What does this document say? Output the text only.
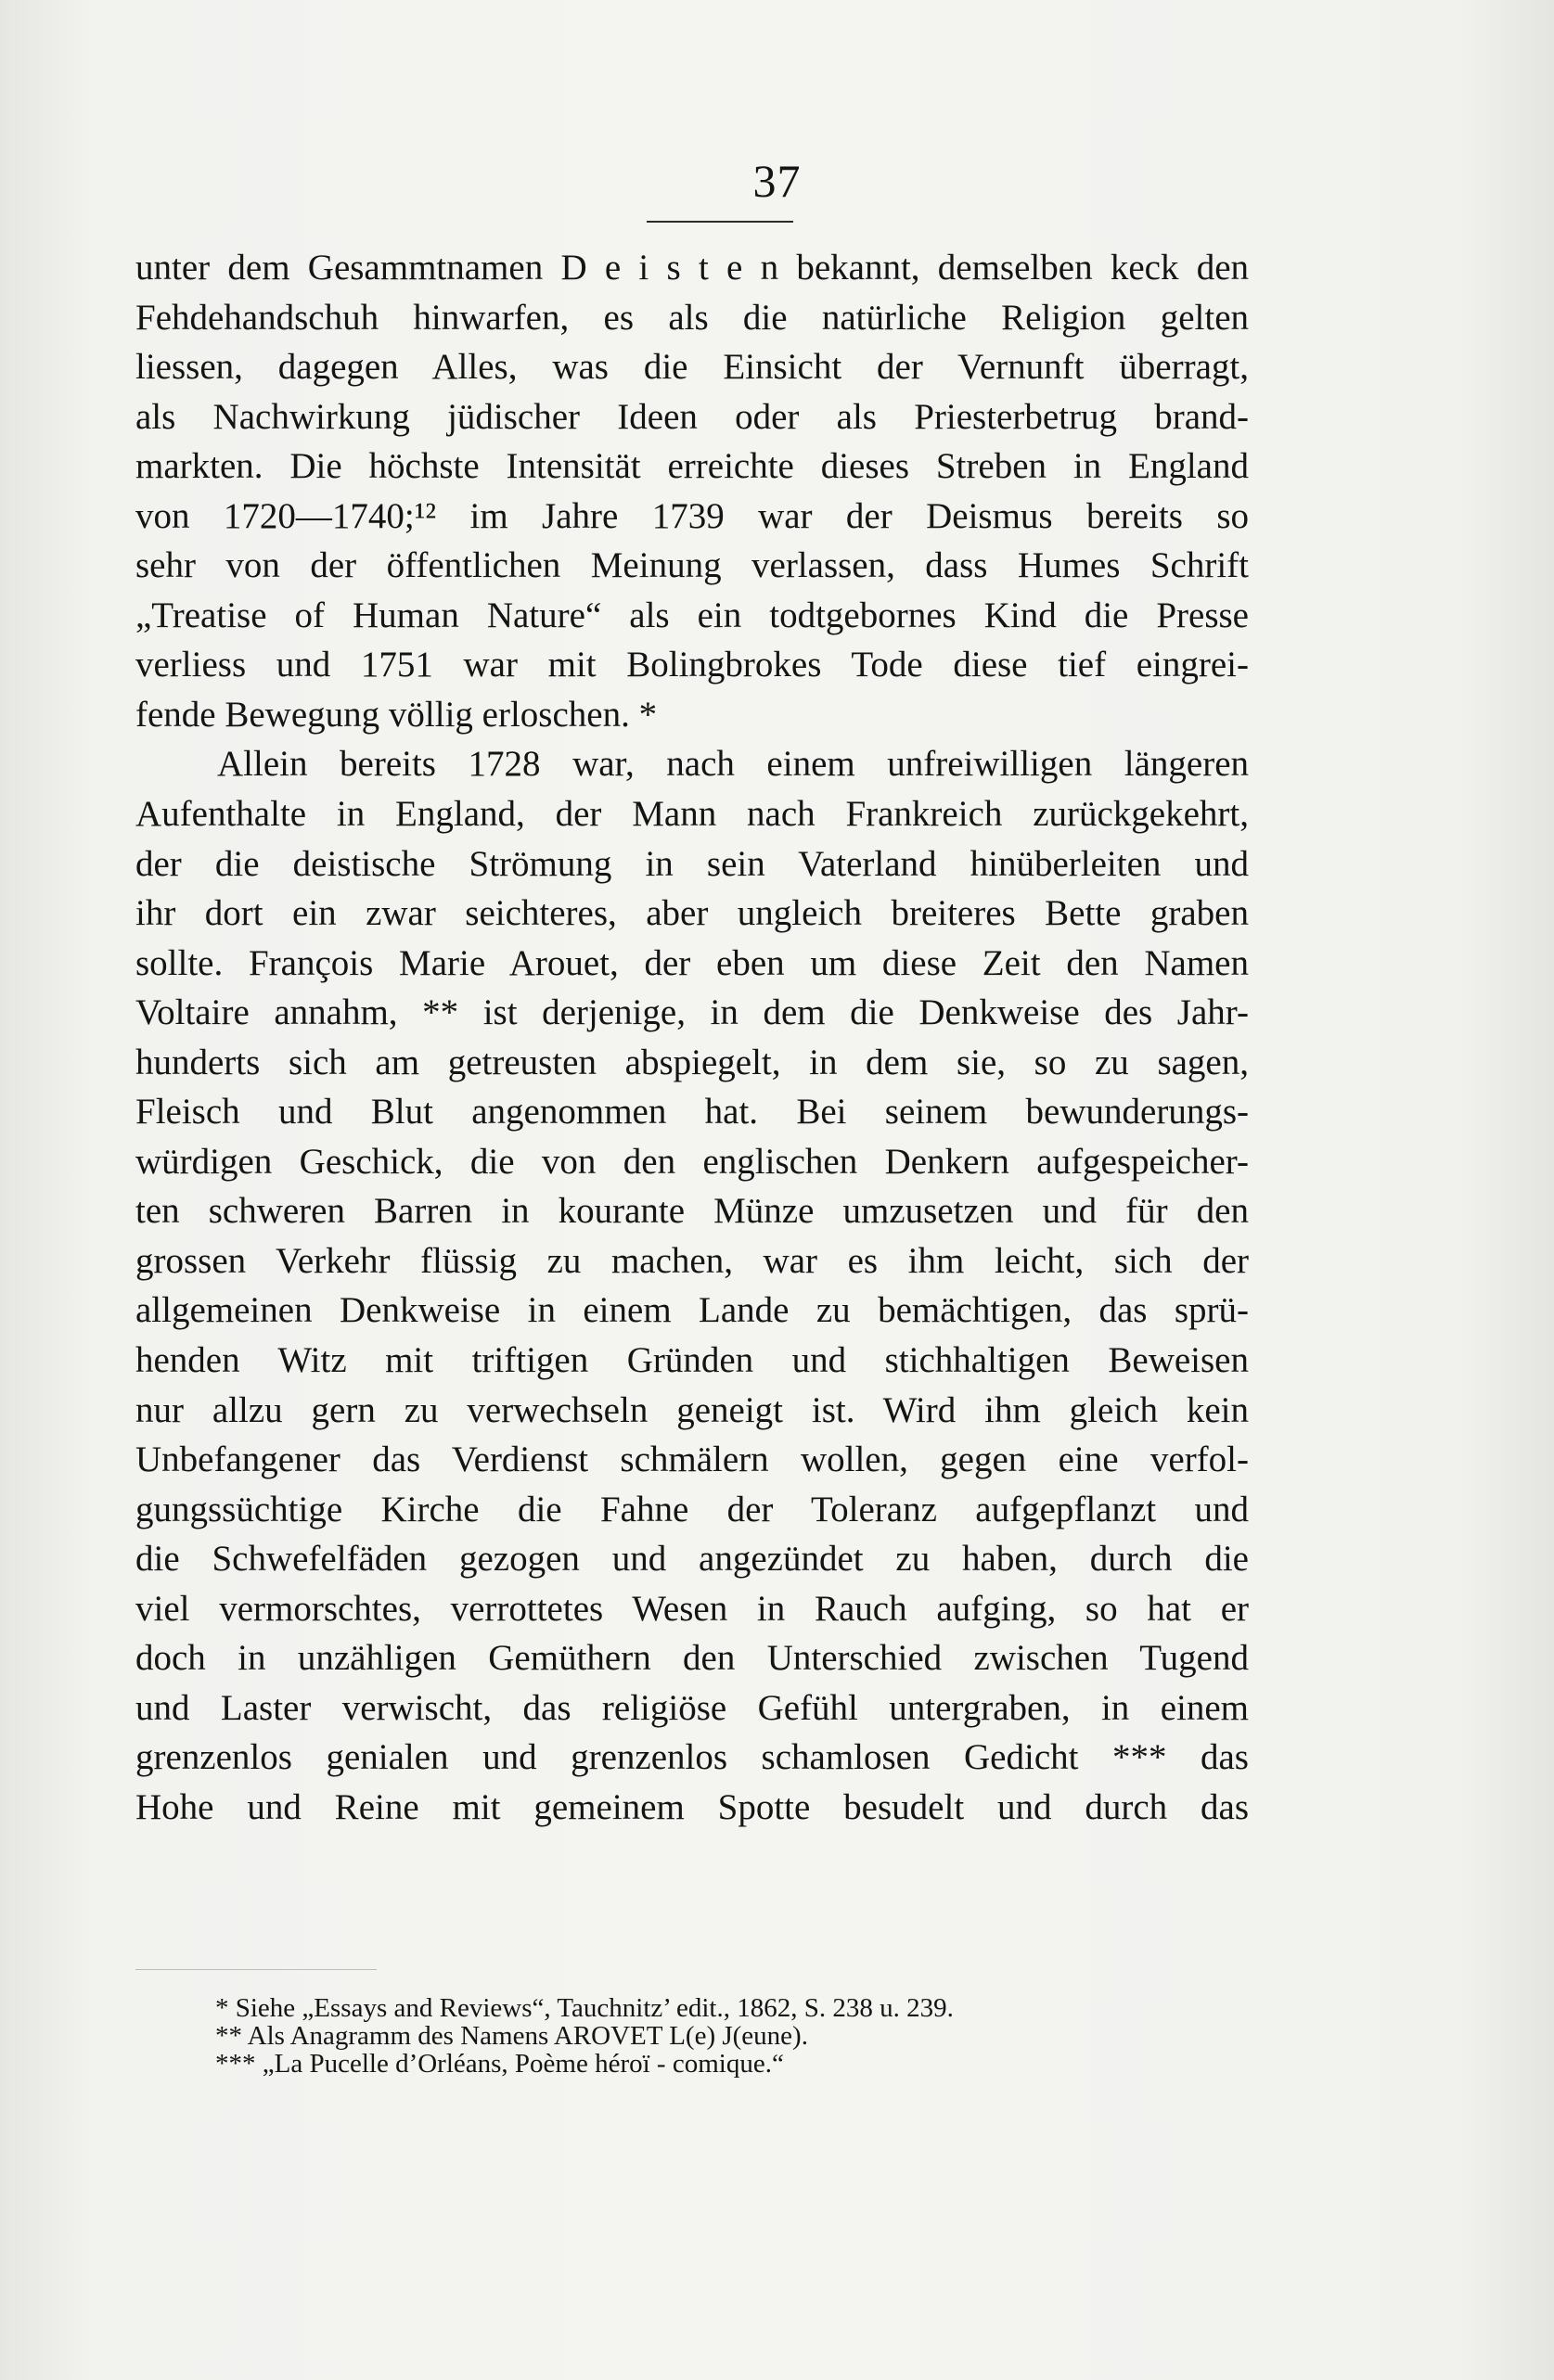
37
unter dem Gesammtnamen D e i s t e n bekannt, demselben keck den
Fehdehandschuh hinwarfen, es als die natürliche Religion gelten
liessen, dagegen Alles, was die Einsicht der Vernunft überragt,
als Nachwirkung jüdischer Ideen oder als Priesterbetrug brand-
markten. Die höchste Intensität erreichte dieses Streben in England
von 1720—1740;¹² im Jahre 1739 war der Deismus bereits so
sehr von der öffentlichen Meinung verlassen, dass Humes Schrift
„Treatise of Human Nature“ als ein todtgebornes Kind die Presse
verliess und 1751 war mit Bolingbrokes Tode diese tief eingrei-
fende Bewegung völlig erloschen. *
Allein bereits 1728 war, nach einem unfreiwilligen längeren
Aufenthalte in England, der Mann nach Frankreich zurückgekehrt,
der die deistische Strömung in sein Vaterland hinüberleiten und
ihr dort ein zwar seichteres, aber ungleich breiteres Bette graben
sollte. François Marie Arouet, der eben um diese Zeit den Namen
Voltaire annahm, ** ist derjenige, in dem die Denkweise des Jahr-
hunderts sich am getreusten abspiegelt, in dem sie, so zu sagen,
Fleisch und Blut angenommen hat. Bei seinem bewunderungs-
würdigen Geschick, die von den englischen Denkern aufgespeicher-
ten schweren Barren in kourante Münze umzusetzen und für den
grossen Verkehr flüssig zu machen, war es ihm leicht, sich der
allgemeinen Denkweise in einem Lande zu bemächtigen, das sprü-
henden Witz mit triftigen Gründen und stichhaltigen Beweisen
nur allzu gern zu verwechseln geneigt ist. Wird ihm gleich kein
Unbefangener das Verdienst schmälern wollen, gegen eine verfol-
gungssüchtige Kirche die Fahne der Toleranz aufgepflanzt und
die Schwefelfäden gezogen und angezündet zu haben, durch die
viel vermorschtes, verrottetes Wesen in Rauch aufging, so hat er
doch in unzähligen Gemüthern den Unterschied zwischen Tugend
und Laster verwischt, das religiöse Gefühl untergraben, in einem
grenzenlos genialen und grenzenlos schamlosen Gedicht *** das
Hohe und Reine mit gemeinem Spotte besudelt und durch das
* Siehe „Essays and Reviews“, Tauchnitz’ edit., 1862, S. 238 u. 239.
** Als Anagramm des Namens AROVET L(e) J(eune).
*** „La Pucelle d’Orléans, Poème héroï - comique.“
